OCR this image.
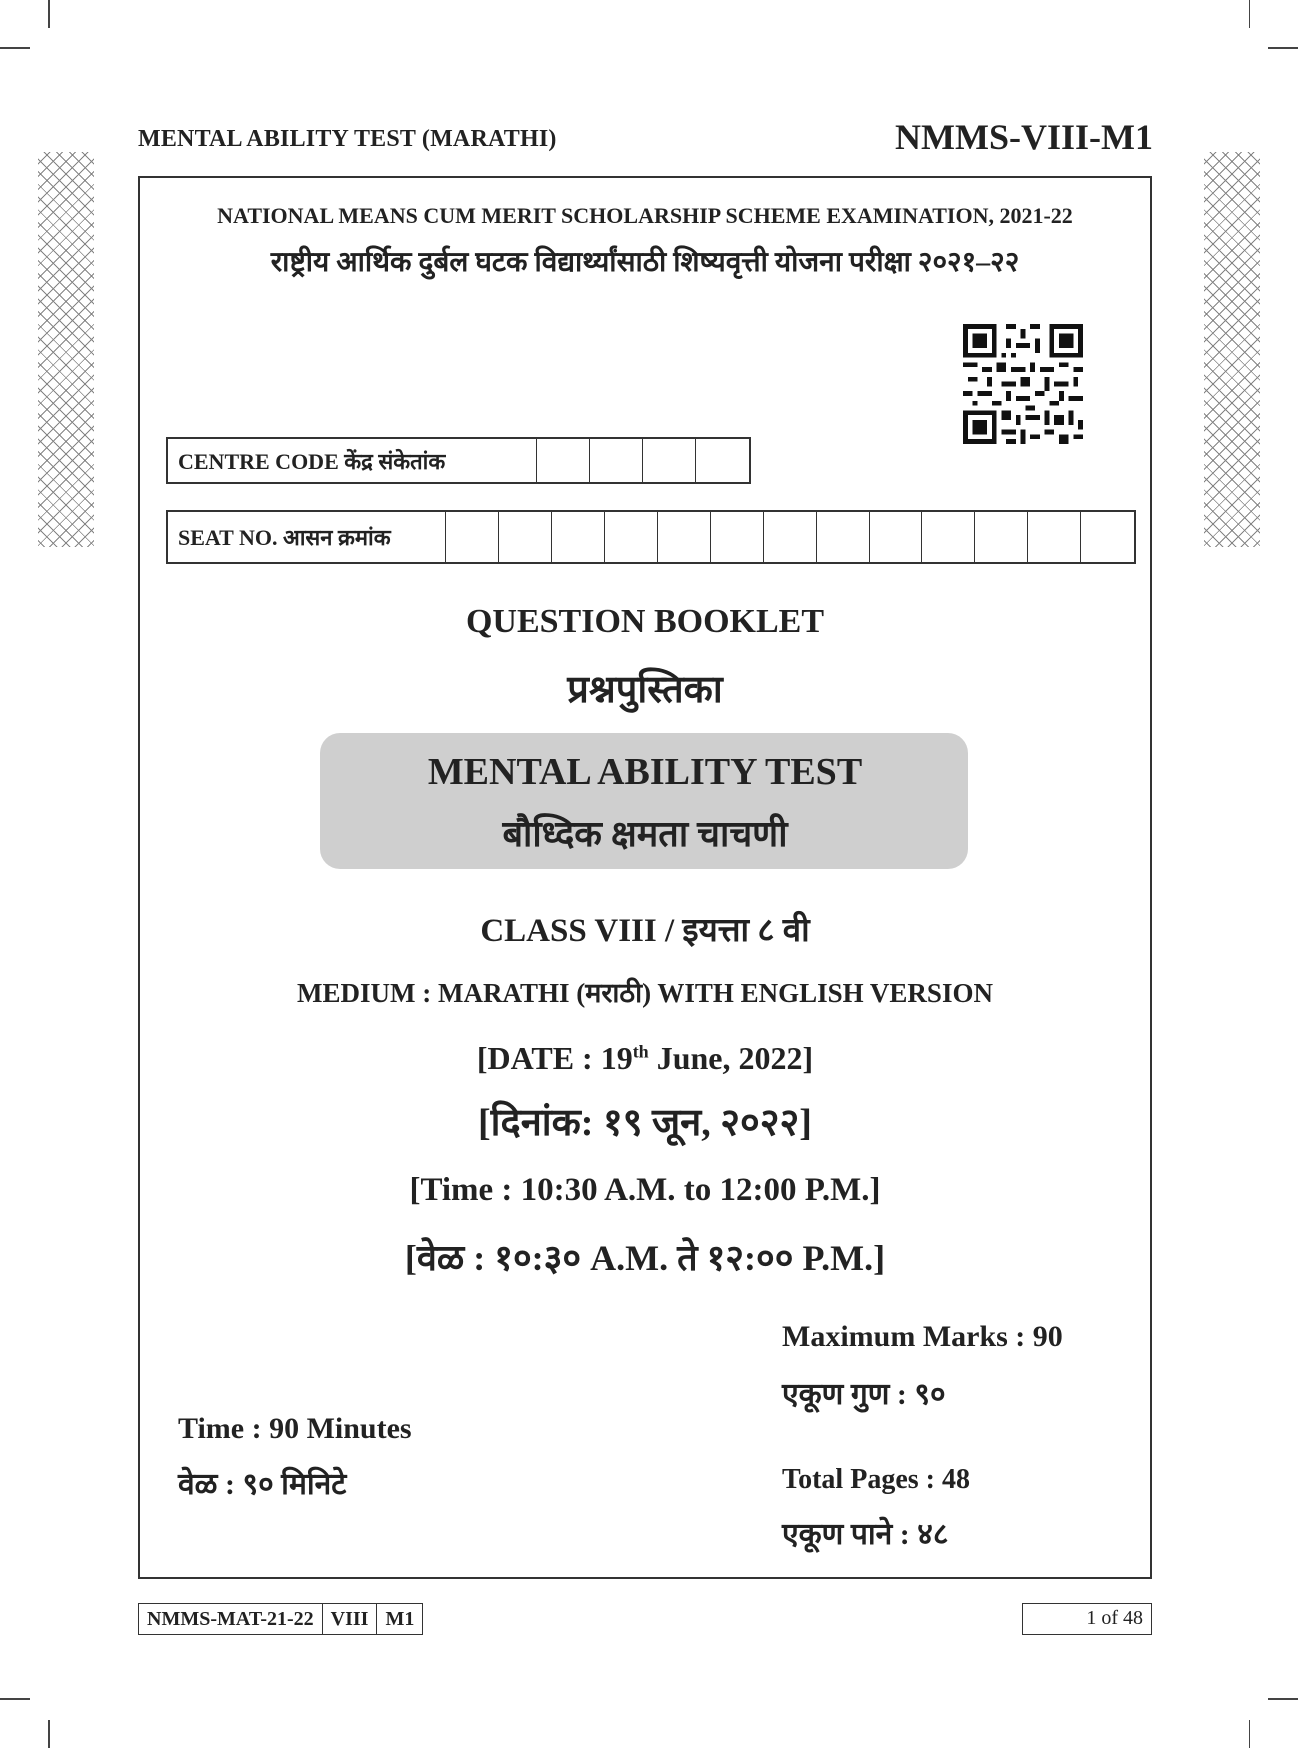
MENTAL ABILITY TEST (MARATHI)	NMMS-VIII-M1
NATIONAL MEANS CUM MERIT SCHOLARSHIP SCHEME EXAMINATION, 2021-22
राष्ट्रीय आर्थिक दुर्बल घटक विद्यार्थ्यांसाठी शिष्यवृत्ती योजना परीक्षा २०२१–२२
CENTRE CODE केंद्र संकेतांक
SEAT NO. आसन क्रमांक
QUESTION BOOKLET
प्रश्नपुस्तिका
MENTAL ABILITY TEST
बौध्दिक क्षमता चाचणी
CLASS VIII / इयत्ता ८ वी
MEDIUM : MARATHI (मराठी) WITH ENGLISH VERSION
[DATE : 19th June, 2022]
[दिनांक: १९ जून, २०२२]
[Time : 10:30 A.M. to 12:00 P.M.]
[वेळ : १०:३० A.M. ते १२:०० P.M.]
Maximum Marks : 90
एकूण गुण : ९०
Time : 90 Minutes
वेळ : ९० मिनिटे	Total Pages : 48
एकूण पाने : ४८
NMMS-MAT-21-22 VIII M1	1 of 48
